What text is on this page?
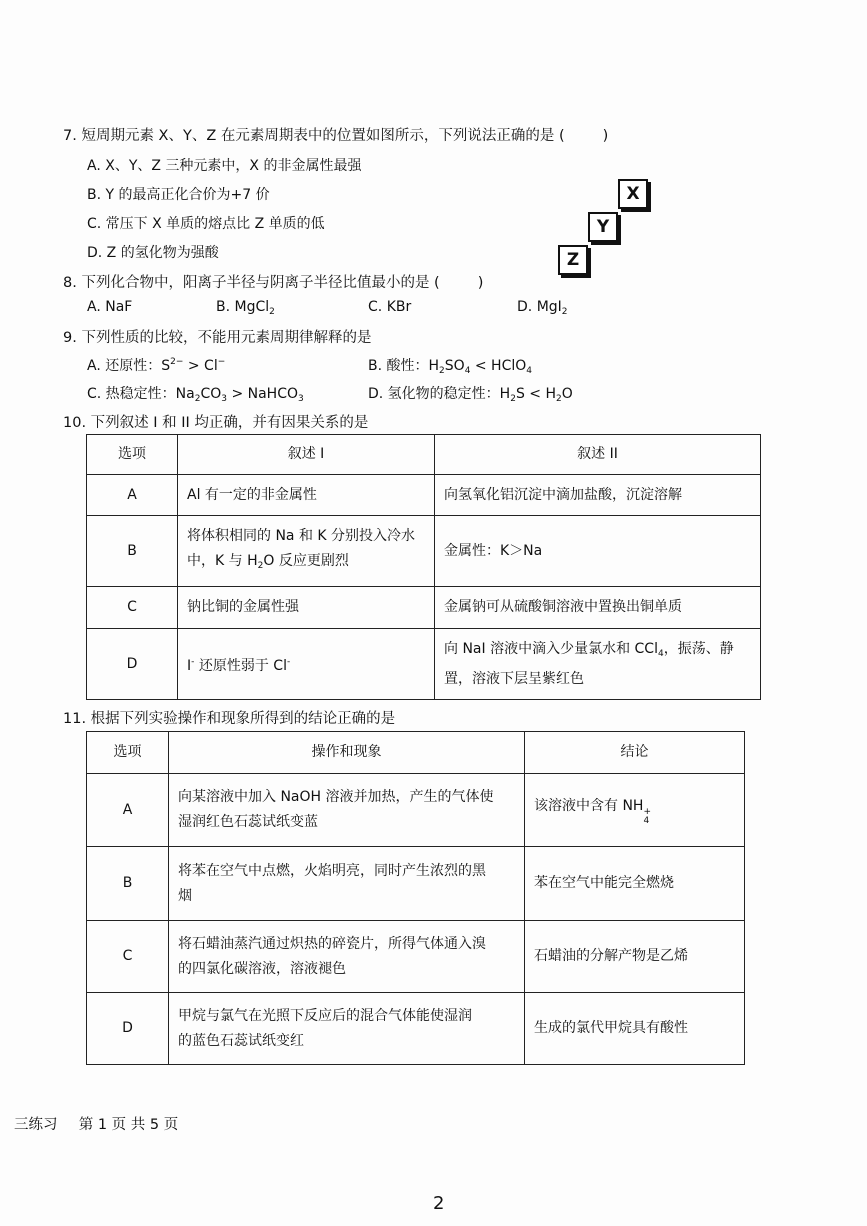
7. 短周期元素 X、Y、Z 在元素周期表中的位置如图所示，下列说法正确的是 (	)
A. X、Y、Z 三种元素中，X 的非金属性最强
B. Y 的最高正化合价为+7 价
C. 常压下 X 单质的熔点比 Z 单质的低
D. Z 的氢化物为强酸
X
Y
Z
8. 下列化合物中，阳离子半径与阴离子半径比值最小的是 (	)
A. NaF	B. MgCl$_2$	C. KBr	D. MgI$_2$
9. 下列性质的比较，不能用元素周期律解释的是
A. 还原性：$S^{2-} > Cl^-$	B. 酸性：$H_2SO_4$ < HClO$_4$
C. 热稳定性：$Na_2CO_3$ > NaHCO$_3$	D. 氢化物的稳定性：$H_2S < H_2O$
10. 下列叙述 I 和 II 均正确，并有因果关系的是
选项	叙述 I	叙述 II
A	Al 有一定的非金属性	向氢氧化铝沉淀中滴加盐酸，沉淀溶解
B	将体积相同的 Na 和 K 分别投入冷水
中，K 与 $H_2O$ 反应更剧烈	金属性：K＞Na
C	钠比铜的金属性强	金属钠可从硫酸铜溶液中置换出铜单质
D	I- 还原性弱于 Cl-	向 NaI 溶液中滴入少量氯水和 CCl$_4$，振荡、静
置，溶液下层呈紫红色
11. 根据下列实验操作和现象所得到的结论正确的是
选项	操作和现象	结论
A	向某溶液中加入 NaOH 溶液并加热，产生的气体使
湿润红色石蕊试纸变蓝	该溶液中含有 NH +
4

B	将苯在空气中点燃，火焰明亮，同时产生浓烈的黑
烟	苯在空气中能完全燃烧
C	将石蜡油蒸汽通过炽热的碎瓷片，所得气体通入溴
的四氯化碳溶液，溶液褪色	石蜡油的分解产物是乙烯
D	甲烷与氯气在光照下反应后的混合气体能使湿润
的蓝色石蕊试纸变红	生成的氯代甲烷具有酸性
三练习 第 1 页 共 5 页
2
